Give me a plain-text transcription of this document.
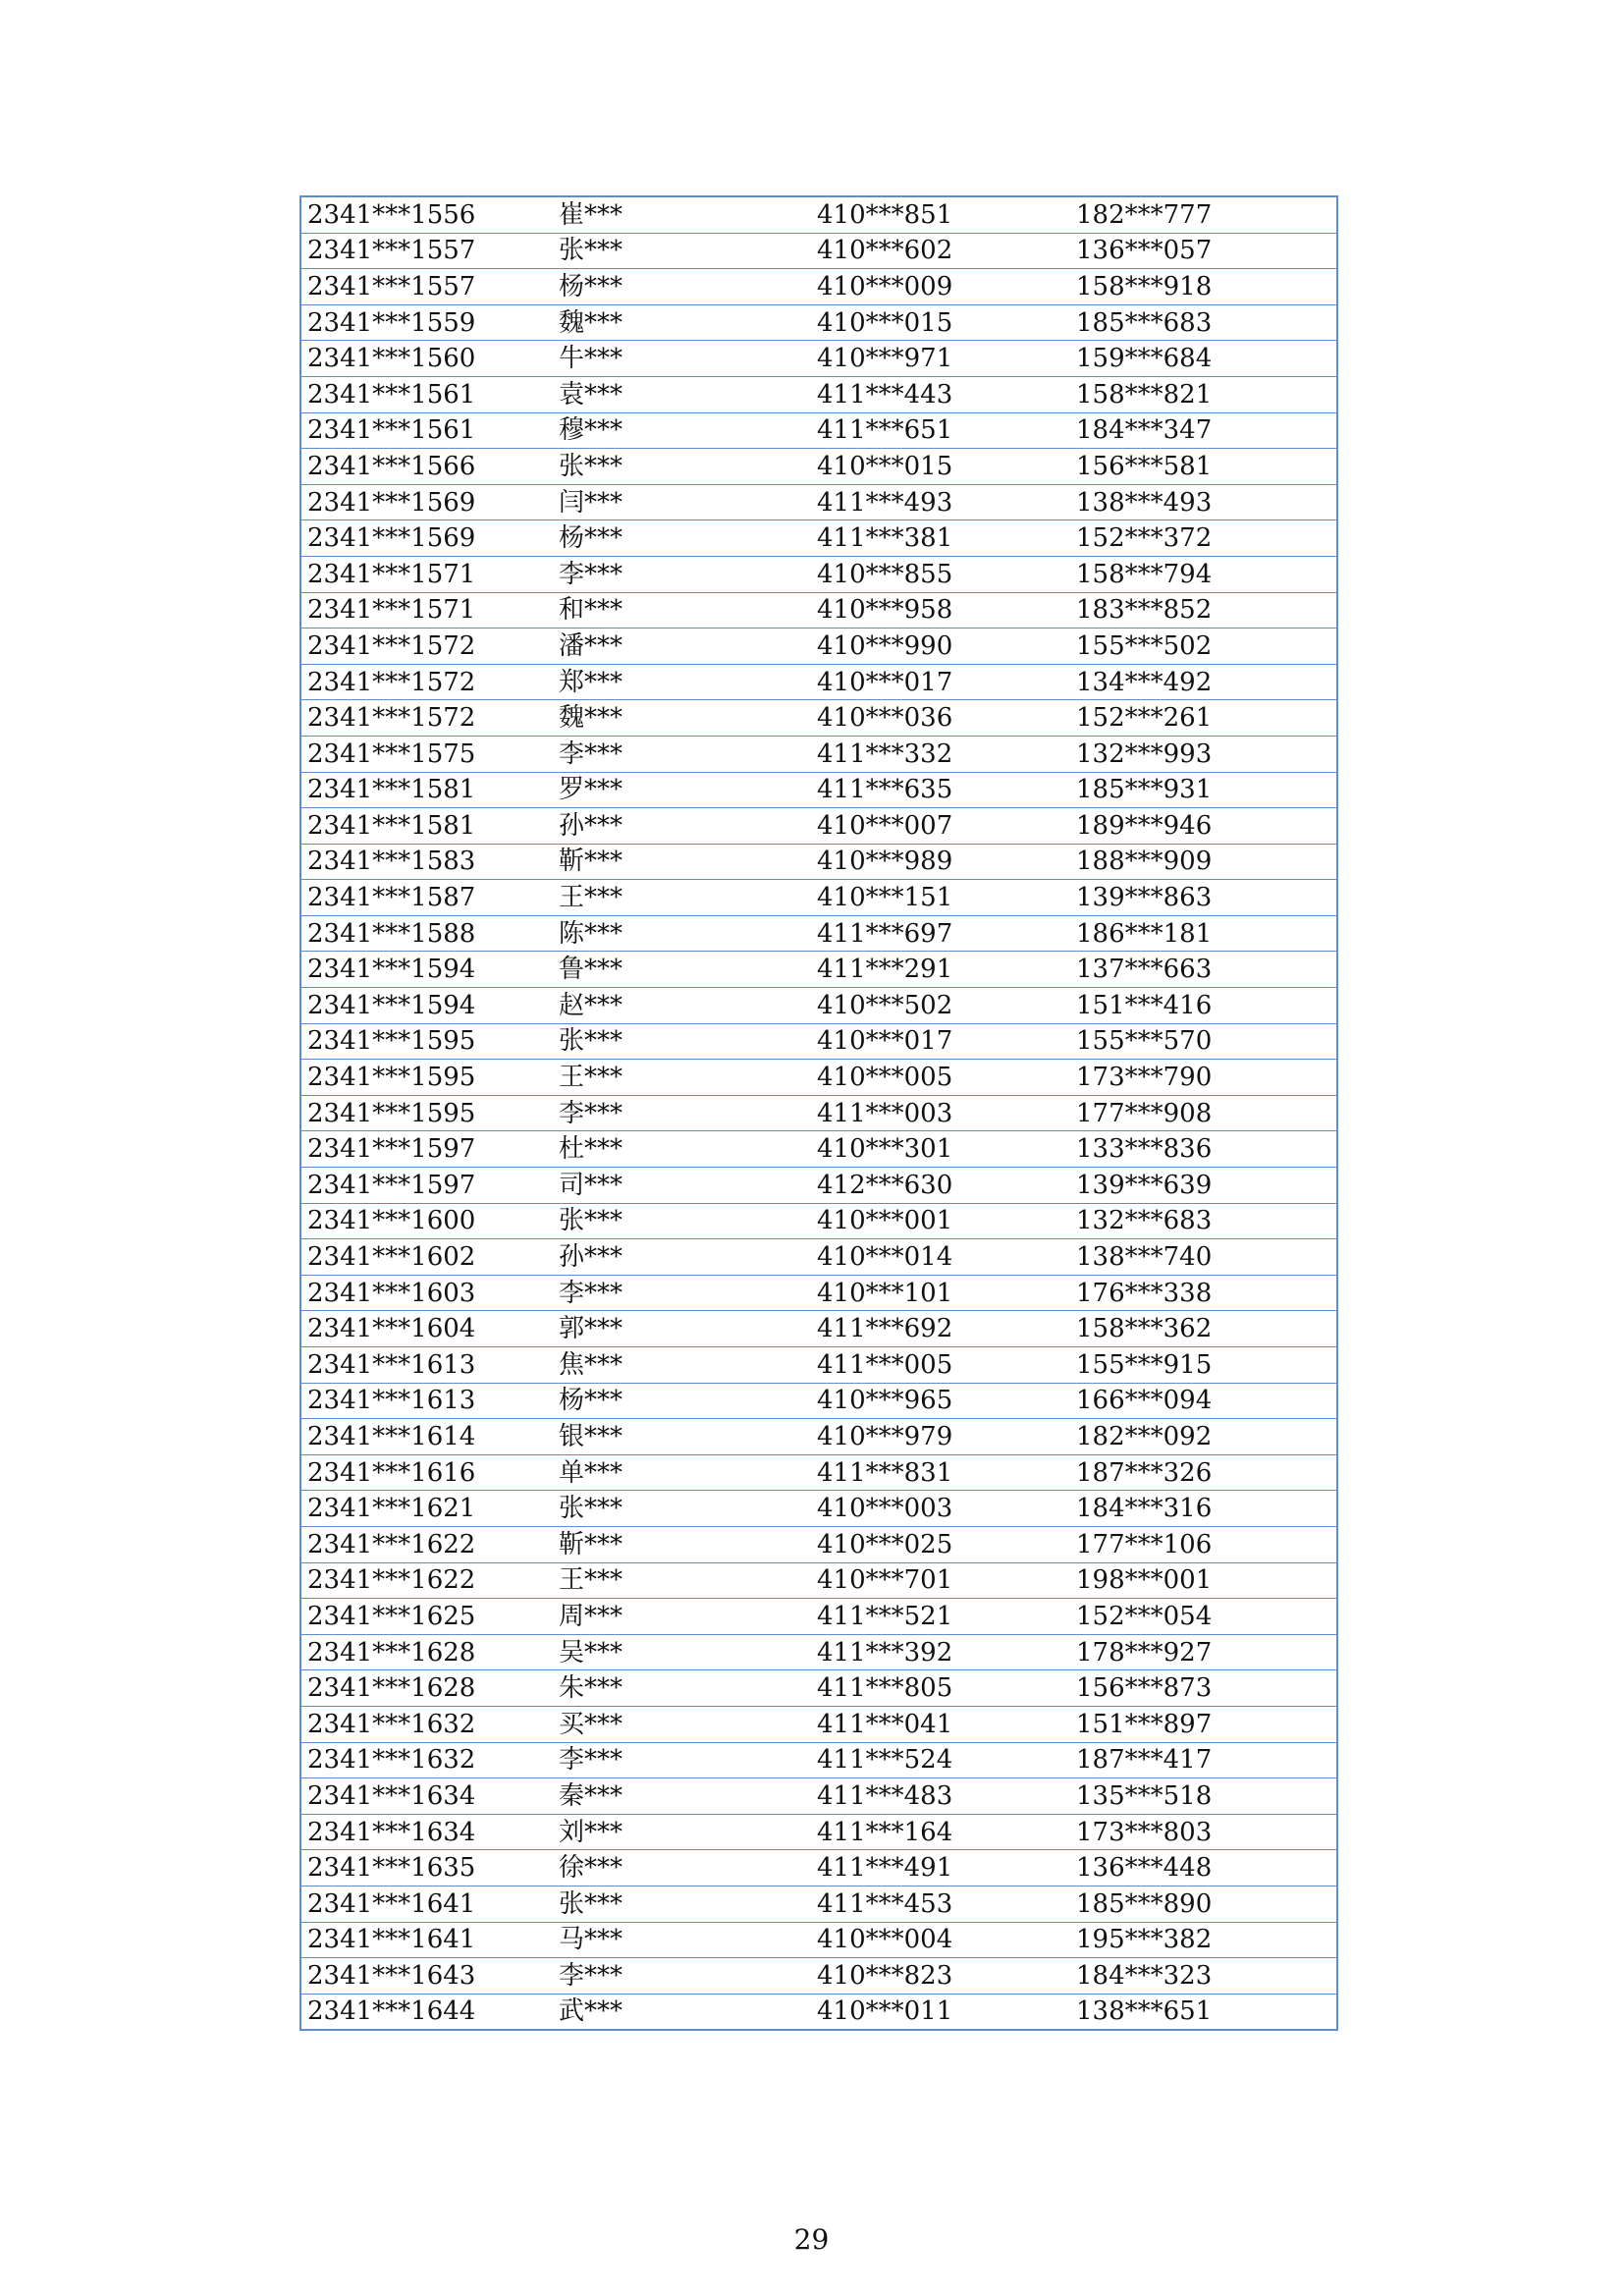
2341***1556	崔***	410***851	182***777
2341***1557	张***	410***602	136***057
2341***1557	杨***	410***009	158***918
2341***1559	魏***	410***015	185***683
2341***1560	牛***	410***971	159***684
2341***1561	袁***	411***443	158***821
2341***1561	穆***	411***651	184***347
2341***1566	张***	410***015	156***581
2341***1569	闫***	411***493	138***493
2341***1569	杨***	411***381	152***372
2341***1571	李***	410***855	158***794
2341***1571	和***	410***958	183***852
2341***1572	潘***	410***990	155***502
2341***1572	郑***	410***017	134***492
2341***1572	魏***	410***036	152***261
2341***1575	李***	411***332	132***993
2341***1581	罗***	411***635	185***931
2341***1581	孙***	410***007	189***946
2341***1583	靳***	410***989	188***909
2341***1587	王***	410***151	139***863
2341***1588	陈***	411***697	186***181
2341***1594	鲁***	411***291	137***663
2341***1594	赵***	410***502	151***416
2341***1595	张***	410***017	155***570
2341***1595	王***	410***005	173***790
2341***1595	李***	411***003	177***908
2341***1597	杜***	410***301	133***836
2341***1597	司***	412***630	139***639
2341***1600	张***	410***001	132***683
2341***1602	孙***	410***014	138***740
2341***1603	李***	410***101	176***338
2341***1604	郭***	411***692	158***362
2341***1613	焦***	411***005	155***915
2341***1613	杨***	410***965	166***094
2341***1614	银***	410***979	182***092
2341***1616	单***	411***831	187***326
2341***1621	张***	410***003	184***316
2341***1622	靳***	410***025	177***106
2341***1622	王***	410***701	198***001
2341***1625	周***	411***521	152***054
2341***1628	吴***	411***392	178***927
2341***1628	朱***	411***805	156***873
2341***1632	买***	411***041	151***897
2341***1632	李***	411***524	187***417
2341***1634	秦***	411***483	135***518
2341***1634	刘***	411***164	173***803
2341***1635	徐***	411***491	136***448
2341***1641	张***	411***453	185***890
2341***1641	马***	410***004	195***382
2341***1643	李***	410***823	184***323
2341***1644	武***	410***011	138***651
29
